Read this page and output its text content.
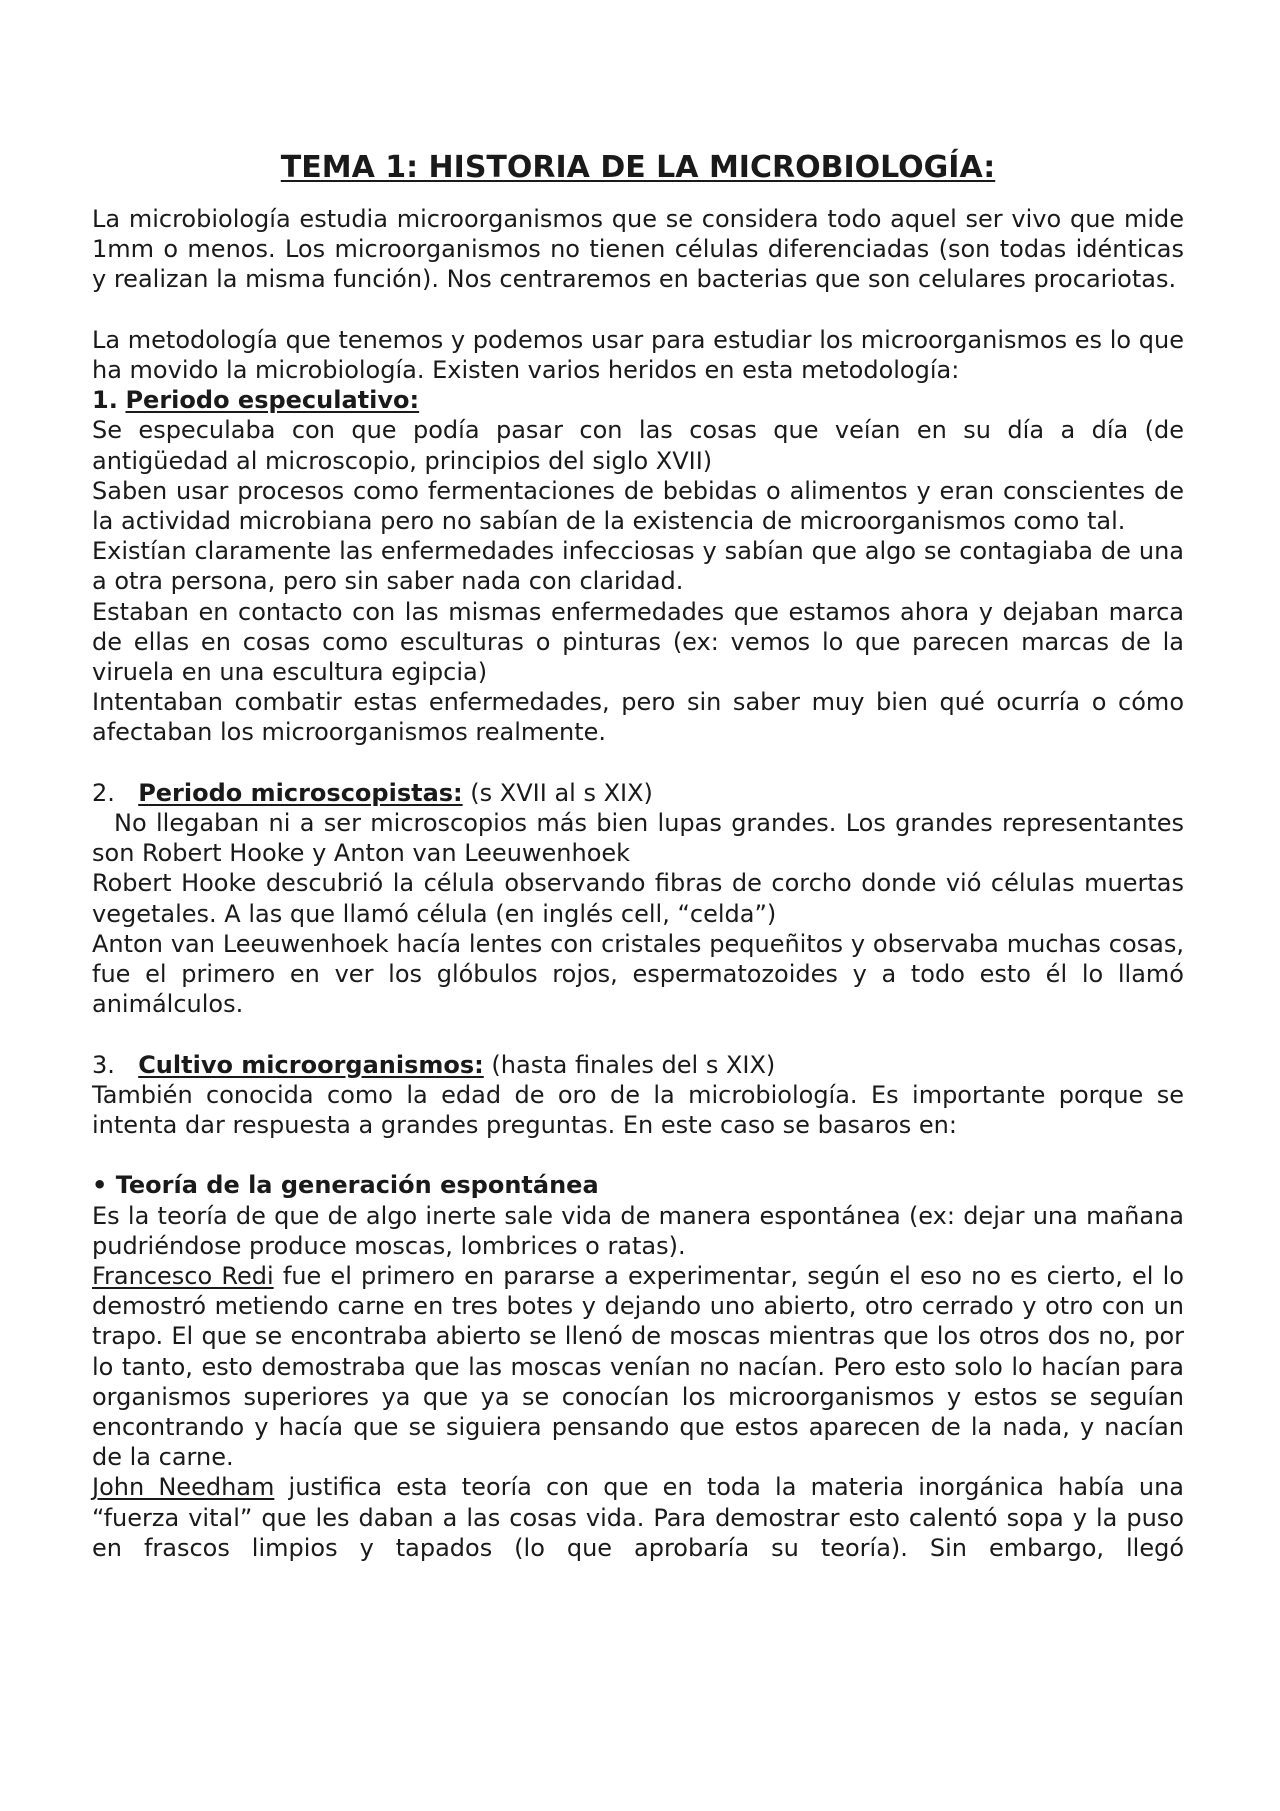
TEMA 1: HISTORIA DE LA MICROBIOLOGÍA:

La microbiología estudia microorganismos que se considera todo aquel ser vivo que mide 1mm o menos. Los microorganismos no tienen células diferenciadas (son todas idénticas y realizan la misma función). Nos centraremos en bacterias que son celulares procariotas.

La metodología que tenemos y podemos usar para estudiar los microorganismos es lo que ha movido la microbiología. Existen varios heridos en esta metodología:

1. Periodo especulativo:

Se especulaba con que podía pasar con las cosas que veían en su día a día (de antigüedad al microscopio, principios del siglo XVII)

Saben usar procesos como fermentaciones de bebidas o alimentos y eran conscientes de la actividad microbiana pero no sabían de la existencia de microorganismos como tal.

Existían claramente las enfermedades infecciosas y sabían que algo se contagiaba de una a otra persona, pero sin saber nada con claridad.

Estaban en contacto con las mismas enfermedades que estamos ahora y dejaban marca de ellas en cosas como esculturas o pinturas (ex: vemos lo que parecen marcas de la viruela en una escultura egipcia)

Intentaban combatir estas enfermedades, pero sin saber muy bien qué ocurría o cómo afectaban los microorganismos realmente.

2. Periodo microscopistas: (s XVII al s XIX)

No llegaban ni a ser microscopios más bien lupas grandes. Los grandes representantes son Robert Hooke y Anton van Leeuwenhoek

Robert Hooke descubrió la célula observando fibras de corcho donde vió células muertas vegetales. A las que llamó célula (en inglés cell, “celda”)

Anton van Leeuwenhoek hacía lentes con cristales pequeñitos y observaba muchas cosas, fue el primero en ver los glóbulos rojos, espermatozoides y a todo esto él lo llamó animálculos.

3. Cultivo microorganismos: (hasta finales del s XIX)

También conocida como la edad de oro de la microbiología. Es importante porque se intenta dar respuesta a grandes preguntas. En este caso se basaros en:

• Teoría de la generación espontánea

Es la teoría de que de algo inerte sale vida de manera espontánea (ex: dejar una mañana pudriéndose produce moscas, lombrices o ratas).

Francesco Redi fue el primero en pararse a experimentar, según el eso no es cierto, el lo demostró metiendo carne en tres botes y dejando uno abierto, otro cerrado y otro con un trapo. El que se encontraba abierto se llenó de moscas mientras que los otros dos no, por lo tanto, esto demostraba que las moscas venían no nacían. Pero esto solo lo hacían para organismos superiores ya que ya se conocían los microorganismos y estos se seguían encontrando y hacía que se siguiera pensando que estos aparecen de la nada, y nacían de la carne.

John Needham justifica esta teoría con que en toda la materia inorgánica había una “fuerza vital” que les daban a las cosas vida. Para demostrar esto calentó sopa y la puso en frascos limpios y tapados (lo que aprobaría su teoría). Sin embargo, llegó
